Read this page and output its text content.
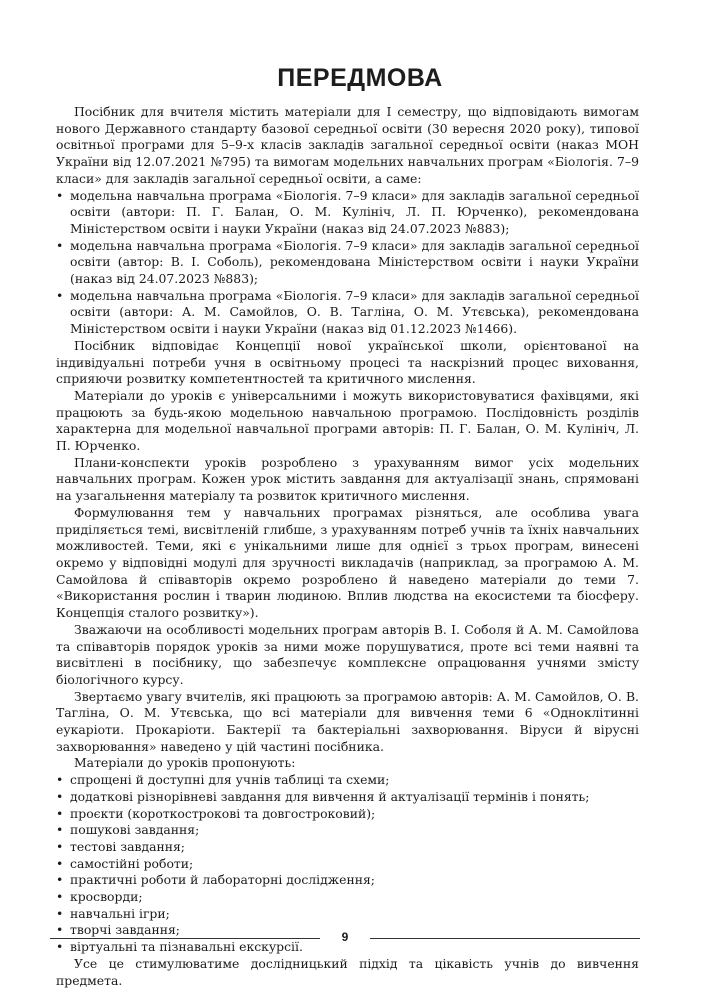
ПЕРЕДМОВА

Посібник для вчителя містить матеріали для I семестру, що відповідають вимогам нового Державного стандарту базової середньої освіти (30 вересня 2020 року), типової освітньої програми для 5–9-х класів закладів загальної середньої освіти (наказ МОН України від 12.07.2021 №795) та вимогам модельних навчальних програм «Біологія. 7–9 класи» для закладів загальної середньої освіти, а саме:

• модельна навчальна програма «Біологія. 7–9 класи» для закладів загальної середньої освіти (автори: П. Г. Балан, О. М. Кулініч, Л. П. Юрченко), рекомендована Міністерством освіти і науки України (наказ від 24.07.2023 №883);
• модельна навчальна програма «Біологія. 7–9 класи» для закладів загальної середньої освіти (автор: В. І. Соболь), рекомендована Міністерством освіти і науки України (наказ від 24.07.2023 №883);
• модельна навчальна програма «Біологія. 7–9 класи» для закладів загальної середньої освіти (автори: А. М. Самойлов, О. В. Тагліна, О. М. Утєвська), рекомендована Міністерством освіти і науки України (наказ від 01.12.2023 №1466).

Посібник відповідає Концепції нової української школи, орієнтованої на індивідуальні потреби учня в освітньому процесі та наскрізний процес виховання, сприяючи розвитку компетентностей та критичного мислення.

Матеріали до уроків є універсальними і можуть використовуватися фахівцями, які працюють за будь-якою модельною навчальною програмою. Послідовність розділів характерна для модельної навчальної програми авторів: П. Г. Балан, О. М. Кулініч, Л. П. Юрченко.

Плани-конспекти уроків розроблено з урахуванням вимог усіх модельних навчальних програм. Кожен урок містить завдання для актуалізації знань, спрямовані на узагальнення матеріалу та розвиток критичного мислення.

Формулювання тем у навчальних програмах різняться, але особлива увага приділяється темі, висвітленій глибше, з урахуванням потреб учнів та їхніх навчальних можливостей. Теми, які є унікальними лише для однієї з трьох програм, винесені окремо у відповідні модулі для зручності викладачів (наприклад, за програмою А. М. Самойлова й співавторів окремо розроблено й наведено матеріали до теми 7. «Використання рослин і тварин людиною. Вплив людства на екосистеми та біосферу. Концепція сталого розвитку»).

Зважаючи на особливості модельних програм авторів В. І. Соболя й А. М. Самойлова та співавторів порядок уроків за ними може порушуватися, проте всі теми наявні та висвітлені в посібнику, що забезпечує комплексне опрацювання учнями змісту біологічного курсу.

Звертаємо увагу вчителів, які працюють за програмою авторів: А. М. Самойлов, О. В. Тагліна, О. М. Утєвська, що всі матеріали для вивчення теми 6 «Одноклітинні еукаріоти. Прокаріоти. Бактерії та бактеріальні захворювання. Віруси й вірусні захворювання» наведено у цій частині посібника.

Матеріали до уроків пропонують:

• спрощені й доступні для учнів таблиці та схеми;
• додаткові різнорівневі завдання для вивчення й актуалізації термінів і понять;
• проєкти (короткострокові та довгостроковий);
• пошукові завдання;
• тестові завдання;
• самостійні роботи;
• практичні роботи й лабораторні дослідження;
• кросворди;
• навчальні ігри;
• творчі завдання;
• віртуальні та пізнавальні екскурсії.

Усе це стимулюватиме дослідницький підхід та цікавість учнів до вивчення предмета.

9
